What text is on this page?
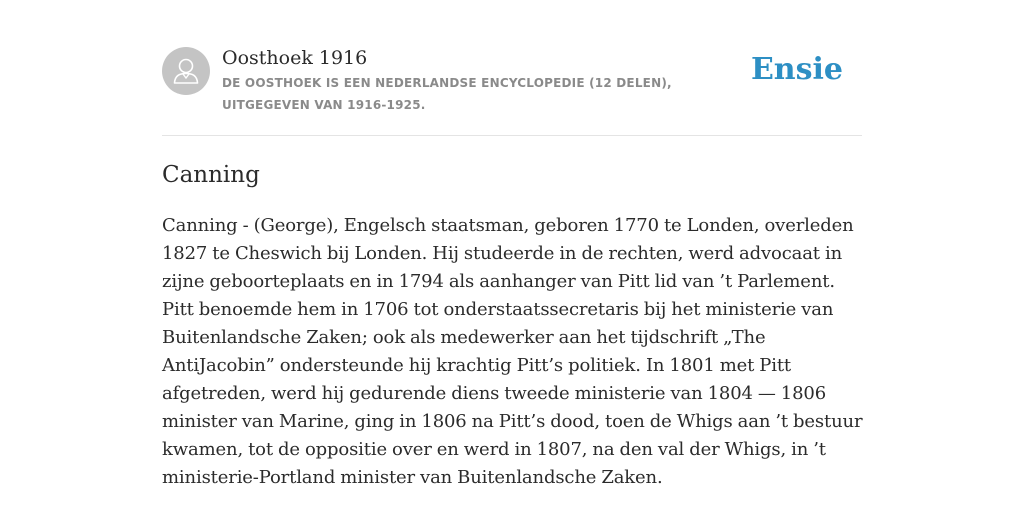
Oosthoek 1916
DE OOSTHOEK IS EEN NEDERLANDSE ENCYCLOPEDIE (12 DELEN), UITGEGEVEN VAN 1916-1925.
Ensie
Canning

Canning - (George), Engelsch staatsman, geboren 1770 te Londen, overleden 1827 te Cheswich bij Londen. Hij studeerde in de rechten, werd advocaat in zijne geboorteplaats en in 1794 als aanhanger van Pitt lid van ’t Parlement. Pitt benoemde hem in 1706 tot onderstaatssecretaris bij het ministerie van Buitenlandsche Zaken; ook als medewerker aan het tijdschrift „The AntiJacobin” ondersteunde hij krachtig Pitt’s politiek. In 1801 met Pitt afgetreden, werd hij gedurende diens tweede ministerie van 1804 — 1806 minister van Marine, ging in 1806 na Pitt’s dood, toen de Whigs aan ’t bestuur kwamen, tot de oppositie over en werd in 1807, na den val der Whigs, in ’t ministerie-Portland minister van Buitenlandsche Zaken.
